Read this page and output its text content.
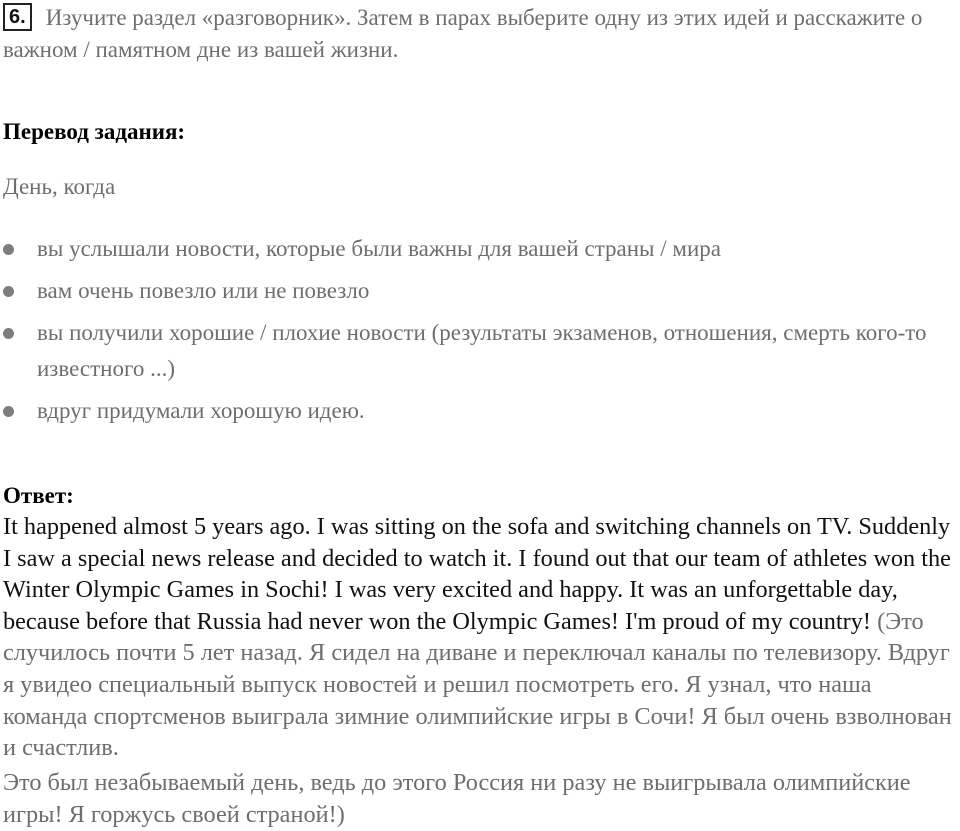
6. Изучите раздел «разговорник». Затем в парах выберите одну из этих идей и расскажите о важном / памятном дне из вашей жизни.
Перевод задания:
День, когда
вы услышали новости, которые были важны для вашей страны / мира
вам очень повезло или не повезло
вы получили хорошие / плохие новости (результаты экзаменов, отношения, смерть кого-то известного ...)
вдруг придумали хорошую идею.
Ответ:

It happened almost 5 years ago. I was sitting on the sofa and switching channels on TV. Suddenly I saw a special news release and decided to watch it. I found out that our team of athletes won the Winter Olympic Games in Sochi! I was very excited and happy. It was an unforgettable day, because before that Russia had never won the Olympic Games! I'm proud of my country! (Это случилось почти 5 лет назад. Я сидел на диване и переключал каналы по телевизору. Вдруг я увидео специальный выпуск новостей и решил посмотреть его. Я узнал, что наша команда спортсменов выиграла зимние олимпийские игры в Сочи! Я был очень взволнован и счастлив.

Это был незабываемый день, ведь до этого Россия ни разу не выигрывала олимпийские игры! Я горжусь своей страной!)
